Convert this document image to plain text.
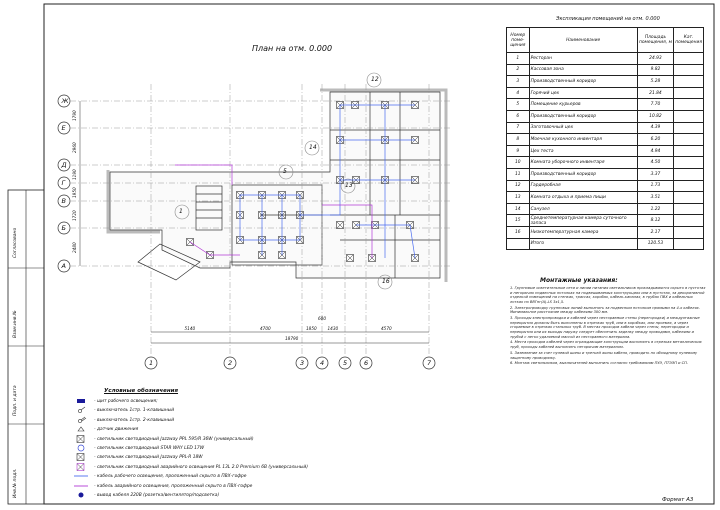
План на отм. 0.000
Ж
Е
Д
Г
В
Б
А
1790
2960
1190
1950
1720
2480
1	2	3 4	5	6	7
5140	4700	1850	1430	4570
18790
600
1
5
12
13
14
16
Экспликация помещений на отм. 0.000
Номер поме-щения	Наименование	Площадь помещения, м	Кат. помещения
1	Ресторан	24.93	
2	Кассовая зона	9.82	
3	Производственный коридор	5.28	
4	Горячий цех	21.84	
5	Помещение курьеров	7.70	
6	Производственный коридор	10.82	
7	Заготовочный цех	4.39	
8	Моечная кухонного инвентаря	6.20	
9	Цех теста	4.94	
10	Комната уборочного инвентаря	4.50	
11	Производственный коридор	3.37	
12	Гардеробная	1.73	
13	Комната отдыха и приема пищи	3.51	
14	Санузел	1.22	
15	Среднетемпературная камера суточного запаса	8.12	
16	Низкотемпературная камера	2.17	
	Итого	120.53	
Монтажные указания:

1. Групповые осветительные сети и линии питания светильников прокладываются скрыто в пустотах и негорючих подвесных потолках на подвешиваемых конструкциях или в пустотах, за декоративной отделкой помещений на стенках, трассах, коробах, кабель-каналах, в трубах ПВХ и кабельных лотках по ВВГнг(А)-LS 3х1,5.

2. Электропроводку групповых линий выполнять за подвесным потолком прямыми на 4-х кабелях. Минимальное расстояние между кабелями 300 мм.

3. Проходы электропроводки и кабелей через несгораемые стены (перегородки) и междуэтажные перекрытия должны быть выполнены в отрезках труб, или в коробках, или проемах, а через сгораемые в отрезках стальных труб. В местах проходов кабели через стены, перегородки и перекрытия или их выходы наружу следует обеспечить заделку между проводами, кабелями и трубой с легко удаляемой массой из несгораемого материала.

4. Места проходов кабелей через ограждающие конструкции выполнить в отрезках металлических труб, проходы кабелей выполнить негорючим материалом.

5. Заземление за счет нулевой шины и третьей жилы кабеля, проводить по обоюдному нулевому защитному проводнику.

6. Монтаж светильников, выключателей выполнить согласно требованиям ПУЭ, ПТЭЭП и СП.

Условные обозначения
- щит рабочего освещения;
- выключатель 1стр. 1-клавишный
- выключатель 1стр. 2-клавишный
- датчик движения
- светильник светодиодный Jazzway PPL 595/R 36W (универсальный)
- светильник светодиодный STAR WAY LED 17W
- светильник светодиодный Jazzway PPL-R 18W
- светильник светодиодный аварийного освещения PL 13L 2.0 Premium 6B (универсальный)
- кабель рабочего освещения, проложенный скрыто в ПВХ-гофре
- кабель аварийного освещения, проложенный скрыто в ПВХ-гофре
- вывод кабеля 220В (розетка/вентилятор/подсветка)
Согласовано
Взам.инв.№
Подп. и дата
Инв.№ подл.
Формат А3
